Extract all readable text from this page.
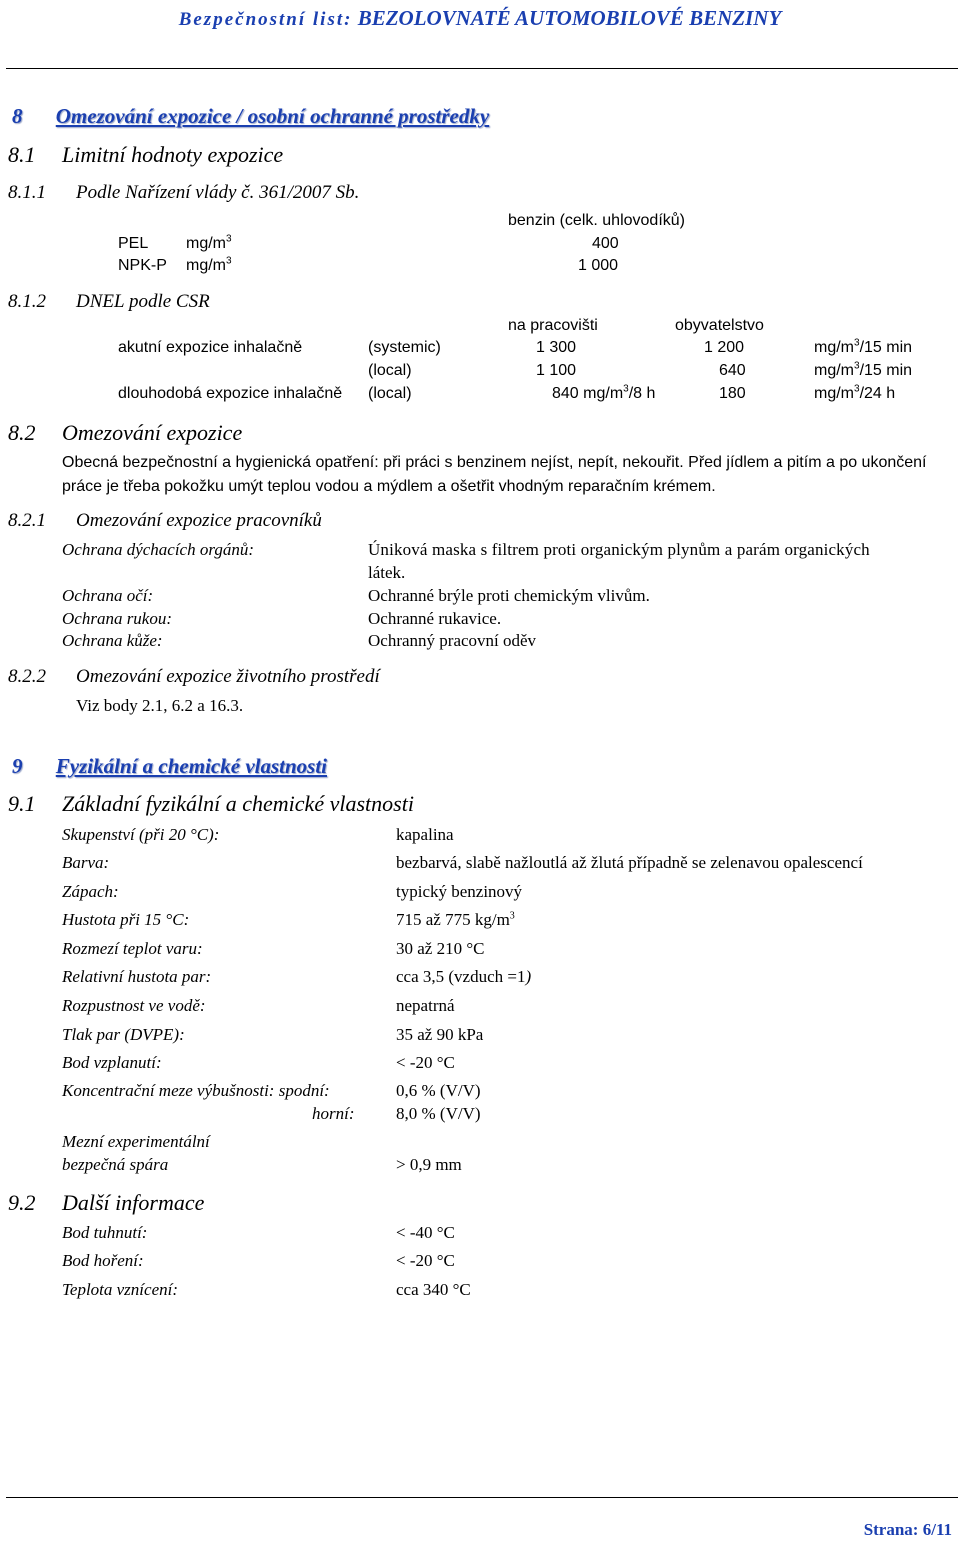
Bezpečnostní list: BEZOLOVNATÉ AUTOMOBILOVÉ BENZINY
8 Omezování expozice / osobní ochranné prostředky
8.1 Limitní hodnoty expozice
8.1.1 Podle Nařízení vlády č. 361/2007 Sb.
benzin (celk. uhlovodíků)
PEL $mg/m^3$	400
NPK-P $mg/m^3$	1 000
8.1.2 DNEL podle CSR
na pracovišti	obyvatelstvo
akutní expozice inhalačně	(systemic)	1 300	1 200	$mg/m^3/15$ min
(local)	1 100	640	$mg/m^3/15$ min
dlouhodobá expozice inhalačně (local)	840 $mg/m^3/8$ h	180	$mg/m^3/24$ h
8.2 Omezování expozice
Obecná bezpečnostní a hygienická opatření: při práci s benzinem nejíst, nepít, nekouřit. Před jídlem a pitím a po ukončení práce je třeba pokožku umýt teplou vodou a mýdlem a ošetřit vhodným reparačním krémem.
8.2.1 Omezování expozice pracovníků
Ochrana dýchacích orgánů:	Úniková maska s filtrem proti organickým plynům a parám organických
látek.
Ochrana očí:	Ochranné brýle proti chemickým vlivům.
Ochrana rukou:	Ochranné rukavice.
Ochrana kůže:	Ochranný pracovní oděv
8.2.2 Omezování expozice životního prostředí
Viz body 2.1, 6.2 a 16.3.
9 Fyzikální a chemické vlastnosti
9.1 Základní fyzikální a chemické vlastnosti
Skupenství (při 20 °C):	kapalina
Barva:	bezbarvá, slabě nažloutlá až žlutá případně se zelenavou opalescencí
Zápach:	typický benzinový
Hustota při 15 °C:	715 až 775 $kg/m^3$
Rozmezí teplot varu:	30 až 210 °C
Relativní hustota par:	cca 3,5 (vzduch =1)
Rozpustnost ve vodě:	nepatrná
Tlak par (DVPE):	35 až 90 kPa
Bod vzplanutí:	< -20 °C
Koncentrační meze výbušnosti: spodní:	0,6 % (V/V)
horní: 8,0 % (V/V)
Mezní experimentální
bezpečná spára	> 0,9 mm
9.2 Další informace
Bod tuhnutí:	< -40 °C
Bod hoření:	< -20 °C
Teplota vznícení:	cca 340 °C
Strana: 6/11
